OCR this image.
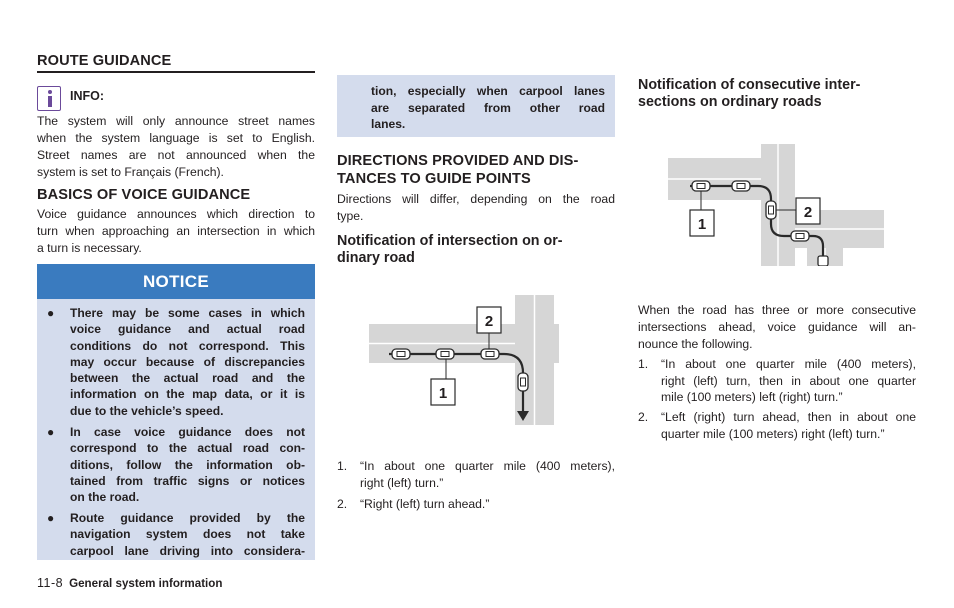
ROUTE GUIDANCE
INFO:
The system will only announce street names
when the system language is set to English.
Street names are not announced when the
system is set to Français (French).
BASICS OF VOICE GUIDANCE
Voice guidance announces which direction to
turn when approaching an intersection in which
a turn is necessary.
NOTICE
● There may be some cases in which
voice guidance and actual road
conditions do not correspond. This
may occur because of discrepancies
between the actual road and the
information on the map data, or it is
due to the vehicle’s speed.
● In case voice guidance does not
correspond to the actual road con-
ditions, follow the information ob-
tained from traffic signs or notices
on the road.
● Route guidance provided by the
navigation system does not take
carpool lane driving into considera-
tion, especially when carpool lanes
are separated from other road
lanes.
DIRECTIONS PROVIDED AND DIS-
TANCES TO GUIDE POINTS
Directions will differ, depending on the road
type.
Notification of intersection on or-
dinary road
2
1
1. “In about one quarter mile (400 meters),
right (left) turn.”
2. “Right (left) turn ahead.”
Notification of consecutive inter-
sections on ordinary roads
2
1
When the road has three or more consecutive
intersections ahead, voice guidance will an-
nounce the following.
1. “In about one quarter mile (400 meters),
right (left) turn, then in about one quarter
mile (100 meters) left (right) turn.”
2. “Left (right) turn ahead, then in about one
quarter mile (100 meters) right (left) turn.”
11-8 General system information
